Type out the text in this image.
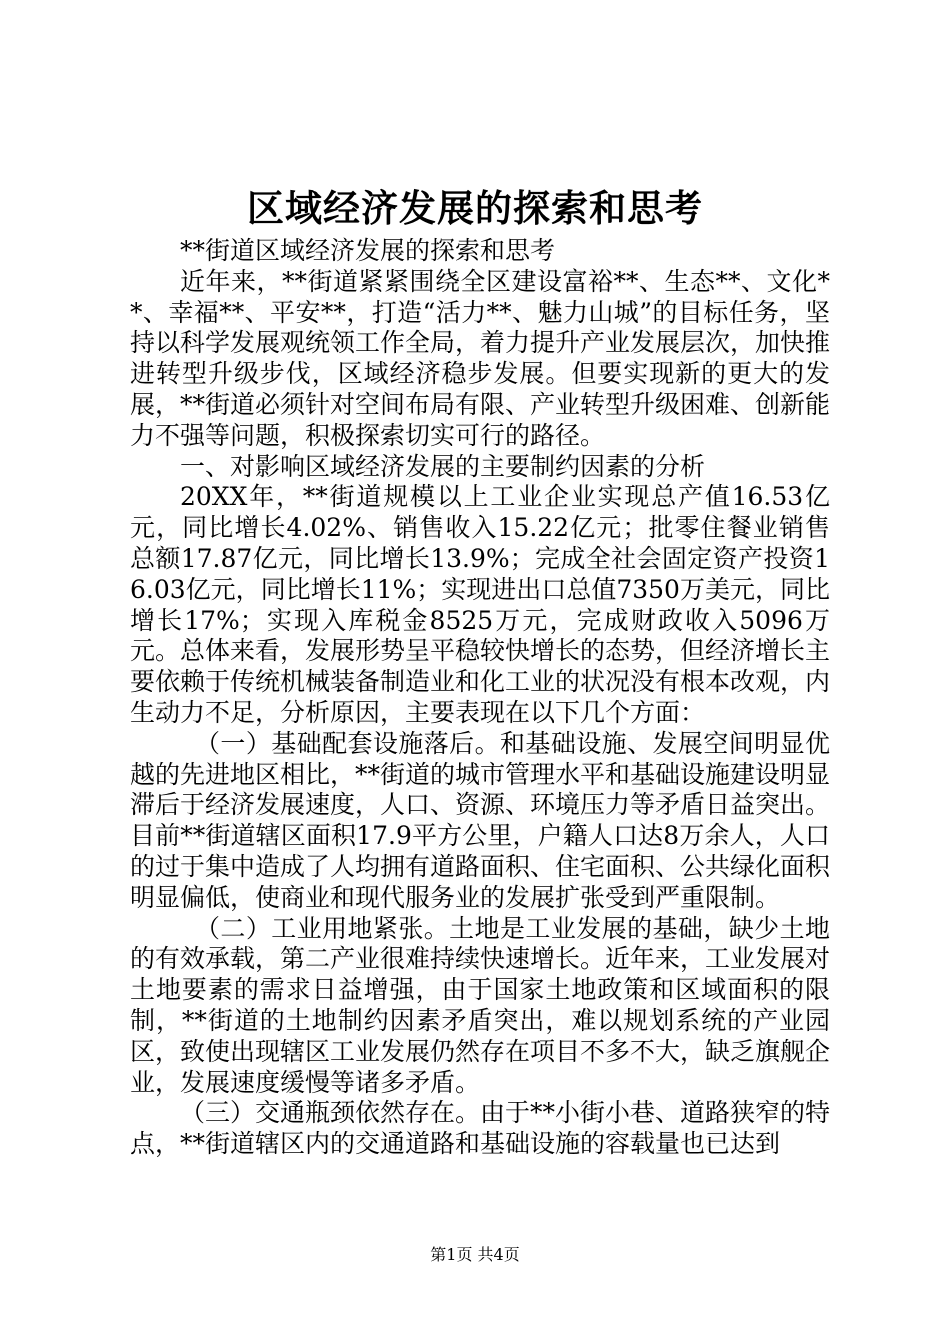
区域经济发展的探索和思考

**街道区域经济发展的探索和思考

近年来，**街道紧紧围绕全区建设富裕**、生态**、文化**、幸福**、平安**，打造“活力**、魅力山城”的目标任务，坚持以科学发展观统领工作全局，着力提升产业发展层次，加快推进转型升级步伐，区域经济稳步发展。但要实现新的更大的发展，**街道必须针对空间布局有限、产业转型升级困难、创新能力不强等问题，积极探索切实可行的路径。

一、对影响区域经济发展的主要制约因素的分析

20XX年，**街道规模以上工业企业实现总产值16.53亿元，同比增长4.02%、销售收入15.22亿元；批零住餐业销售总额17.87亿元，同比增长13.9%；完成全社会固定资产投资16.03亿元，同比增长11%；实现进出口总值7350万美元，同比增长17%；实现入库税金8525万元，完成财政收入5096万元。总体来看，发展形势呈平稳较快增长的态势，但经济增长主要依赖于传统机械装备制造业和化工业的状况没有根本改观，内生动力不足，分析原因，主要表现在以下几个方面：

（一）基础配套设施落后。和基础设施、发展空间明显优越的先进地区相比，**街道的城市管理水平和基础设施建设明显滞后于经济发展速度，人口、资源、环境压力等矛盾日益突出。目前**街道辖区面积17.9平方公里，户籍人口达8万余人，人口的过于集中造成了人均拥有道路面积、住宅面积、公共绿化面积明显偏低，使商业和现代服务业的发展扩张受到严重限制。

（二）工业用地紧张。土地是工业发展的基础，缺少土地的有效承载，第二产业很难持续快速增长。近年来，工业发展对土地要素的需求日益增强，由于国家土地政策和区域面积的限制，**街道的土地制约因素矛盾突出，难以规划系统的产业园区，致使出现辖区工业发展仍然存在项目不多不大，缺乏旗舰企业，发展速度缓慢等诸多矛盾。

（三）交通瓶颈依然存在。由于**小街小巷、道路狭窄的特点，**街道辖区内的交通道路和基础设施的容载量也已达到

第1页 共4页
